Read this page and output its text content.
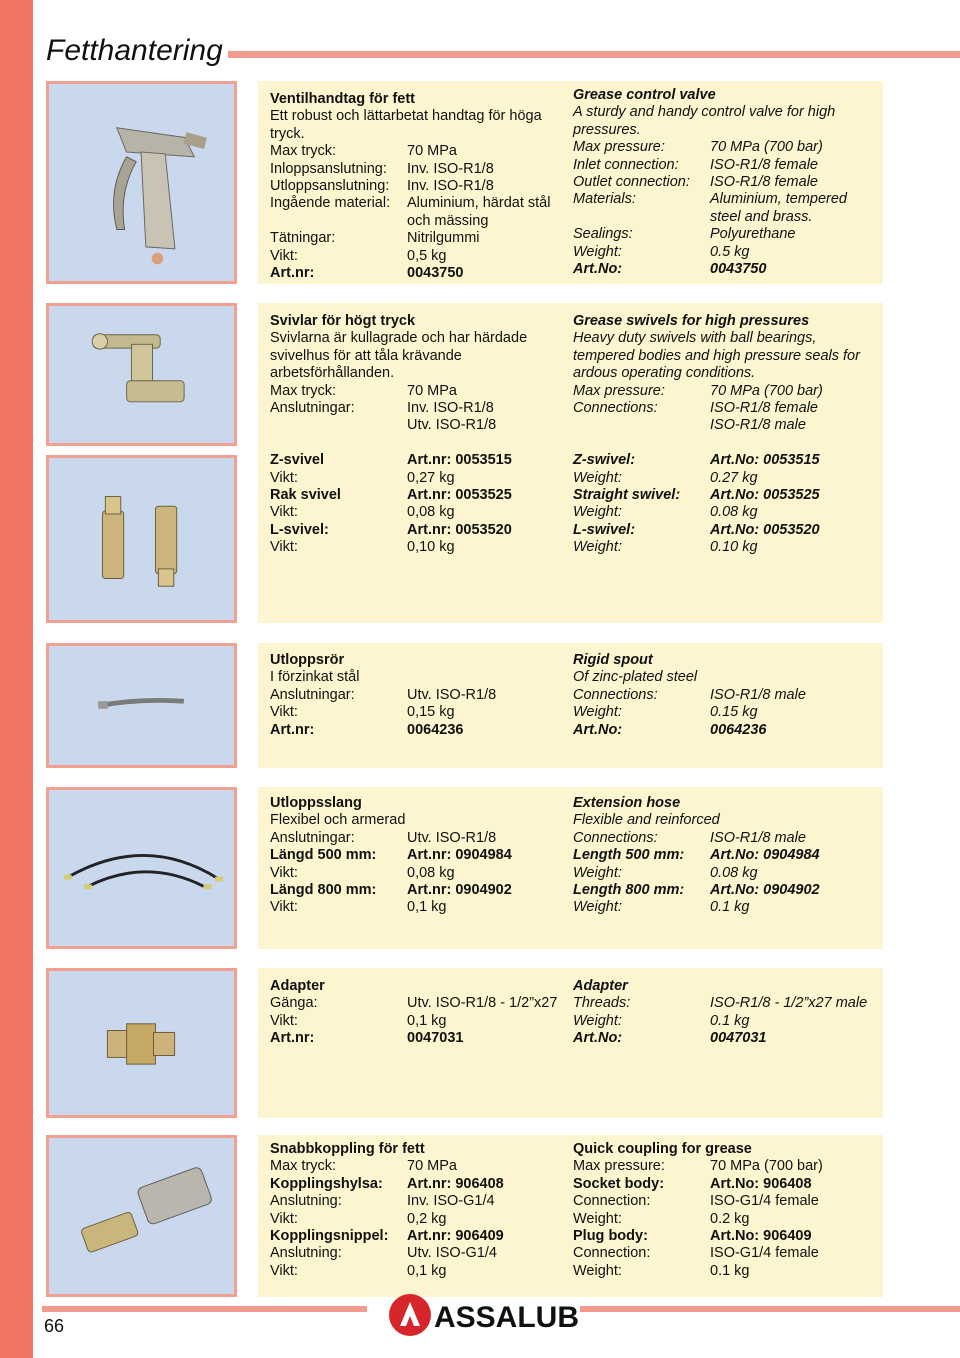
Fetthantering
Ventilhandtag för fett
Ett robust och lättarbetat handtag för höga tryck.
Max tryck:	70 MPa
Inloppsanslutning:	Inv. ISO-R1/8
Utloppsanslutning:	Inv. ISO-R1/8
Ingående material:	Aluminium, härdat stål och mässing
Tätningar:	Nitrilgummi
Vikt:	0,5 kg
Art.nr:	0043750
Grease control valve
A sturdy and handy control valve for high pressures.
Max pressure:	70 MPa (700 bar)
Inlet connection:	ISO-R1/8 female
Outlet connection:	ISO-R1/8 female
Materials:	Aluminium, tempered steel and brass.
Sealings:	Polyurethane
Weight:	0.5 kg
Art.No:	0043750
Svivlar för högt tryck
Svivlarna är kullagrade och har härdade svivelhus för att tåla krävande arbetsförhållanden.
Max tryck:	70 MPa
Anslutningar:	Inv. ISO-R1/8
Utv. ISO-R1/8
Z-svivel	Art.nr: 0053515
Vikt:	0,27 kg
Rak svivel	Art.nr: 0053525
Vikt:	0,08 kg
L-svivel:	Art.nr: 0053520
Vikt:	0,10 kg
Grease swivels for high pressures
Heavy duty swivels with ball bearings, tempered bodies and high pressure seals for ardous operating conditions.
Max pressure:	70 MPa (700 bar)
Connections:	ISO-R1/8 female
ISO-R1/8 male
Z-swivel:	Art.No: 0053515
Weight:	0.27 kg
Straight swivel:	Art.No: 0053525
Weight:	0.08 kg
L-swivel:	Art.No: 0053520
Weight:	0.10 kg
Utloppsrör
I förzinkat stål
Anslutningar:	Utv. ISO-R1/8
Vikt:	0,15 kg
Art.nr:	0064236
Rigid spout
Of zinc-plated steel
Connections:	ISO-R1/8 male
Weight:	0.15 kg
Art.No:	0064236
Utloppsslang
Flexibel och armerad
Anslutningar:	Utv. ISO-R1/8
Längd 500 mm:	Art.nr: 0904984
Vikt:	0,08 kg
Längd 800 mm:	Art.nr: 0904902
Vikt:	0,1 kg
Extension hose
Flexible and reinforced
Connections:	ISO-R1/8 male
Length 500 mm:	Art.No: 0904984
Weight:	0.08 kg
Length 800 mm:	Art.No: 0904902
Weight:	0.1 kg
Adapter
Gänga:	Utv. ISO-R1/8 - 1/2”x27
Vikt:	0,1 kg
Art.nr:	0047031
Adapter
Threads:	ISO-R1/8 - 1/2”x27 male
Weight:	0.1 kg
Art.No:	0047031
Snabbkoppling för fett
Max tryck:	70 MPa
Kopplingshylsa:	Art.nr: 906408
Anslutning:	Inv. ISO-G1/4
Vikt:	0,2 kg
Kopplingsnippel:	Art.nr: 906409
Anslutning:	Utv. ISO-G1/4
Vikt:	0,1 kg
Quick coupling for grease
Max pressure:	70 MPa (700 bar)
Socket body:	Art.No: 906408
Connection:	ISO-G1/4 female
Weight:	0.2 kg
Plug body:	Art.No: 906409
Connection:	ISO-G1/4 female
Weight:	0.1 kg
66	ASSALUB
